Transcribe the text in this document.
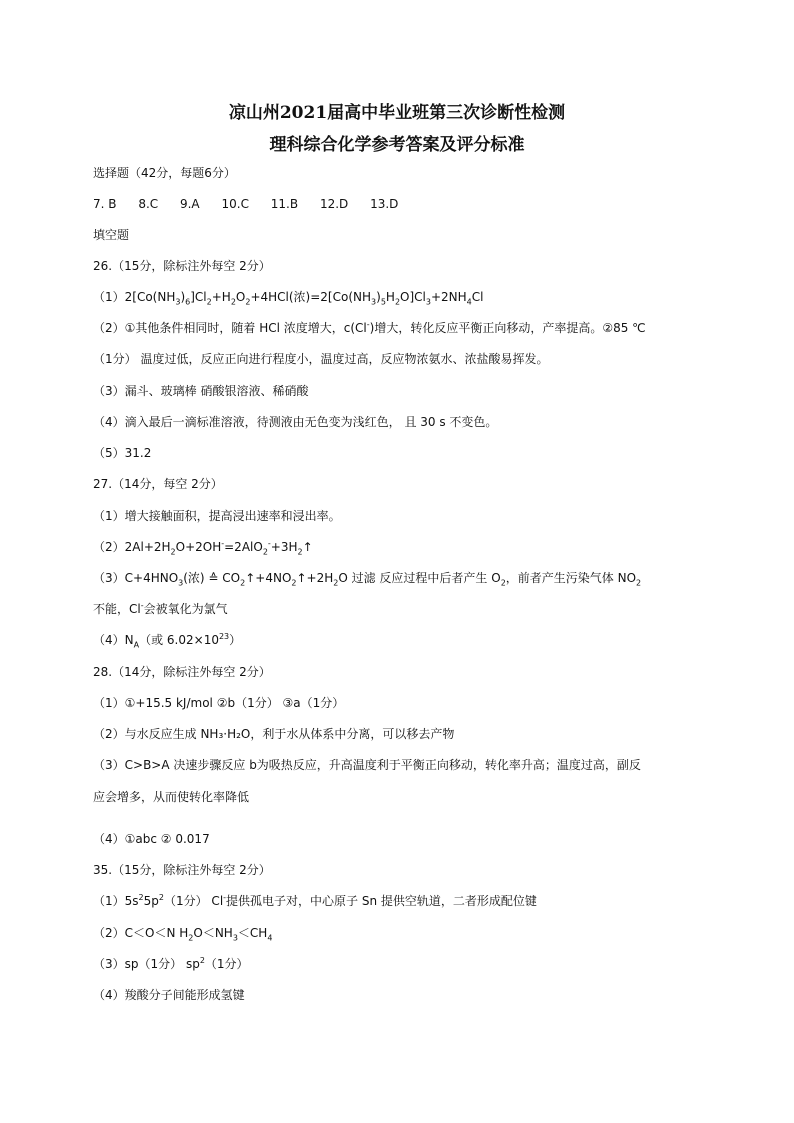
凉山州2021届高中毕业班第三次诊断性检测
理科综合化学参考答案及评分标准
选择题（42分，每题6分）
7. B 8.C 9.A 10.C 11.B 12.D 13.D
填空题
26.（15分，除标注外每空 2分）
$(1)2[Co(NH_3)_6]Cl_2+H_2O_2+4HCl$(浓)$=2[Co(NH_3)_5H_2O]Cl_3+2NH_4Cl$
（2）①其他条件相同时，随着 HCl 浓度增大，c(Cl-)增大，转化反应平衡正向移动，产率提高。②85 ℃
（1分） 温度过低，反应正向进行程度小，温度过高，反应物浓氨水、浓盐酸易挥发。
（3）漏斗、玻璃棒 硝酸银溶液、稀硝酸
（4）滴入最后一滴标准溶液，待测液由无色变为浅红色， 且 30 s 不变色。
（5）31.2
27.（14分，每空 2分）
（1）增大接触面积，提高浸出速率和浸出率。
$(2)2Al+2H_2O+2OH^-=2AlO_2^-+3H_2↑$
$(3)C+4HNO_3$(浓) ≙ $CO_2↑+4NO_2↑+2H_2O$ 过滤 反应过程中后者产生 $O_2$，前者产生污染气体 $NO_2$
不能，Cl-会被氧化为氯气
$(4)N_A$（或 $6.02\times 10^{23}$）
28.（14分，除标注外每空 2分）
（1）①+15.5 kJ/mol ②b（1分） ③a（1分）
（2）与水反应生成 NH₃·H₂O，利于水从体系中分离，可以移去产物
（3）C>B>A 决速步骤反应 b为吸热反应，升高温度利于平衡正向移动，转化率升高；温度过高，副反
应会增多，从而使转化率降低
（4）①abc ② 0.017
35.（15分，除标注外每空 2分）
$(1)5s^25p^2(1$分） Cl-提供孤电子对，中心原子 Sn 提供空轨道，二者形成配位键
（2）C＜O＜N $H_2O<NH_3<CH_4$
（3）sp（1分） $sp^2(1$分）
（4）羧酸分子间能形成氢键
